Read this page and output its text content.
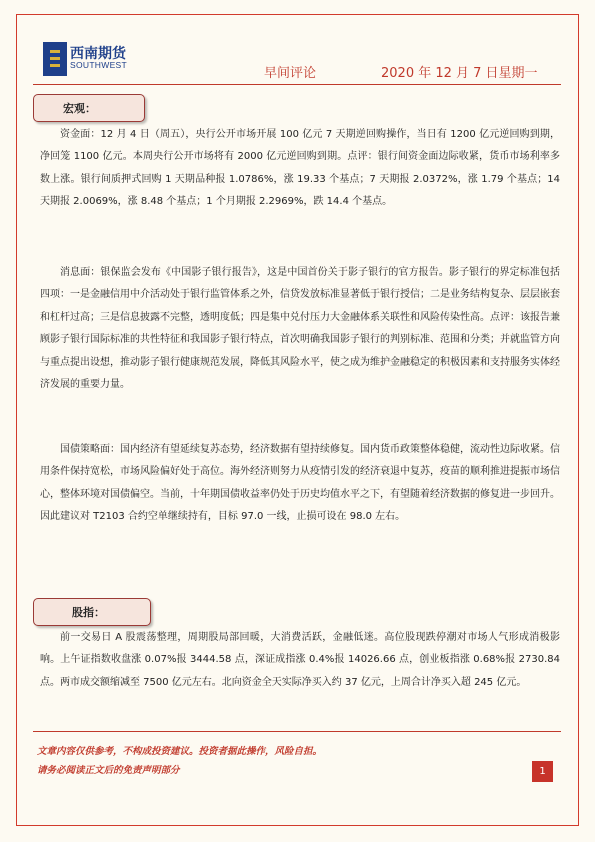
西南期货
SOUTHWEST
早间评论	2020 年 12 月 7 日星期一
宏观：

资金面：12 月 4 日（周五），央行公开市场开展 100 亿元 7 天期逆回购操作，当日有 1200 亿元逆回购到期，净回笼 1100 亿元。本周央行公开市场将有 2000 亿元逆回购到期。点评：银行间资金面边际收紧，货币市场利率多数上涨。银行间质押式回购 1 天期品种报 1.0786%，涨 19.33 个基点；7 天期报 2.0372%，涨 1.79 个基点；14 天期报 2.0069%，涨 8.48 个基点；1 个月期报 2.2969%，跌 14.4 个基点。

消息面：银保监会发布《中国影子银行报告》，这是中国首份关于影子银行的官方报告。影子银行的界定标准包括四项：一是金融信用中介活动处于银行监管体系之外，信贷发放标准显著低于银行授信；二是业务结构复杂、层层嵌套和杠杆过高；三是信息披露不完整，透明度低；四是集中兑付压力大金融体系关联性和风险传染性高。点评：该报告兼顾影子银行国际标准的共性特征和我国影子银行特点，首次明确我国影子银行的判别标准、范围和分类；并就监管方向与重点提出设想，推动影子银行健康规范发展，降低其风险水平，使之成为维护金融稳定的积极因素和支持服务实体经济发展的重要力量。

国债策略面：国内经济有望延续复苏态势，经济数据有望持续修复。国内货币政策整体稳健，流动性边际收紧。信用条件保持宽松，市场风险偏好处于高位。海外经济则努力从疫情引发的经济衰退中复苏，疫苗的顺利推进提振市场信心，整体环境对国债偏空。当前，十年期国债收益率仍处于历史均值水平之下，有望随着经济数据的修复进一步回升。因此建议对 T2103 合约空单继续持有，目标 97.0 一线，止损可设在 98.0 左右。

股指：

前一交易日 A 股震荡整理，周期股局部回暖，大消费活跃，金融低迷。高位股现跌停潮对市场人气形成消极影响。上午证指数收盘涨 0.07%报 3444.58 点，深证成指涨 0.4%报 14026.66 点，创业板指涨 0.68%报 2730.84 点。两市成交额缩减至 7500 亿元左右。北向资金全天实际净买入约 37 亿元，上周合计净买入超 245 亿元。

文章内容仅供参考，不构成投资建议。投资者据此操作，风险自担。
请务必阅读正文后的免责声明部分	1
